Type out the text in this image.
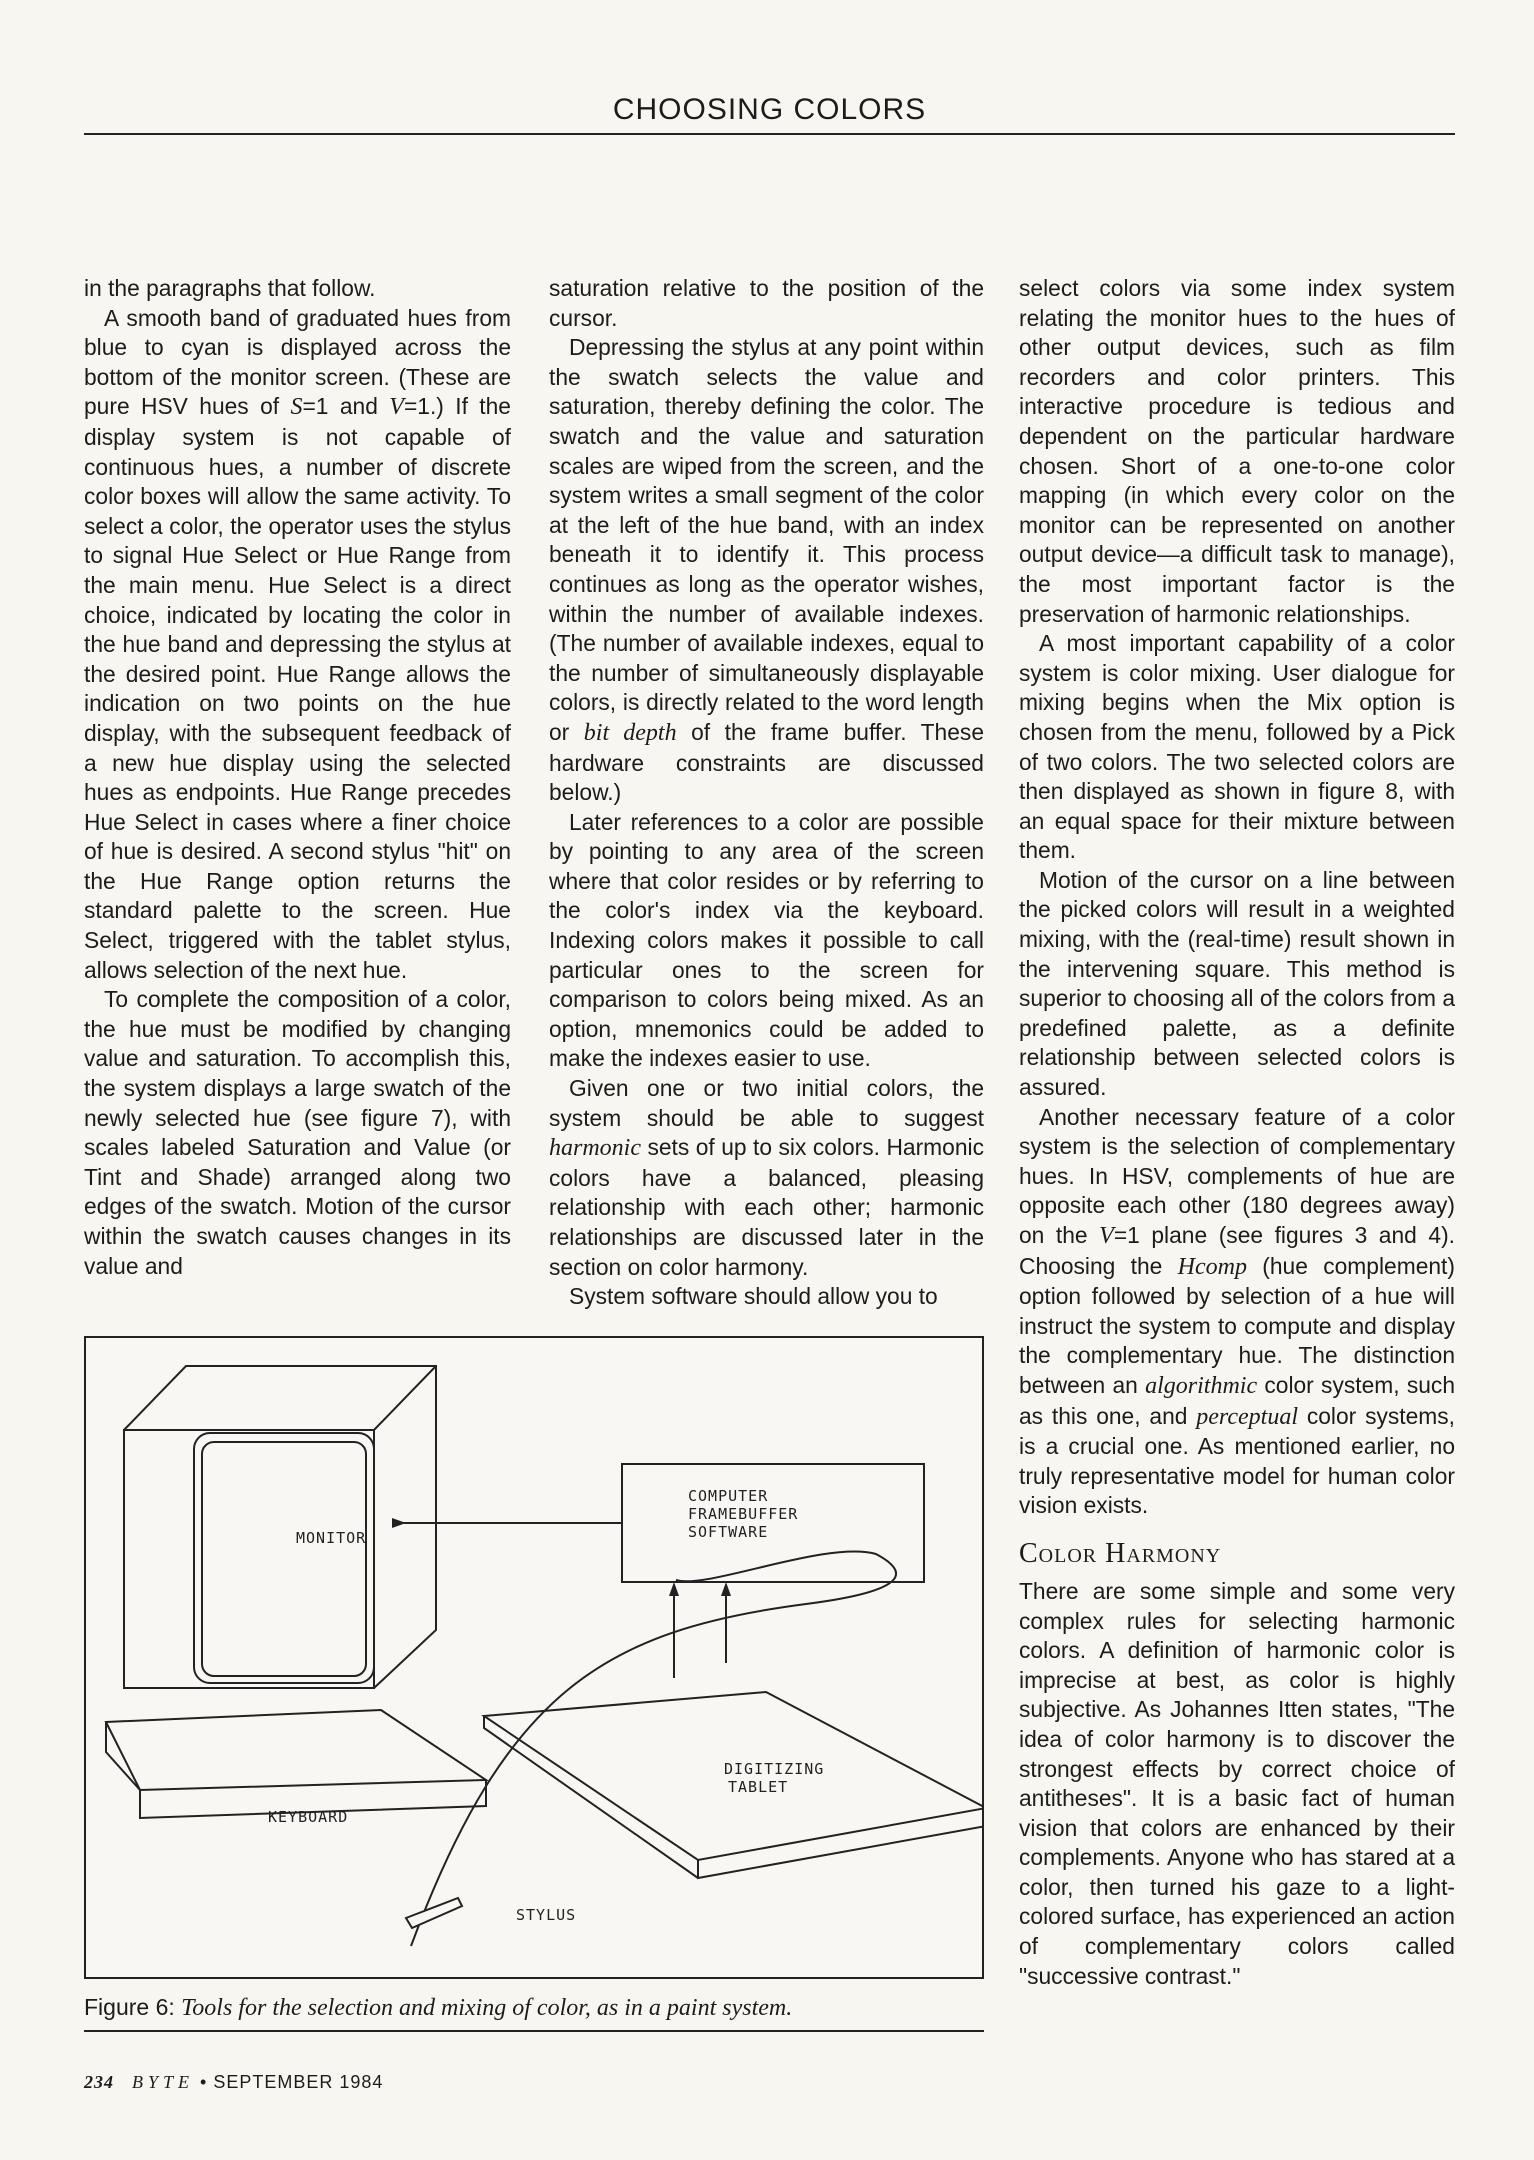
CHOOSING COLORS

in the paragraphs that follow.

A smooth band of graduated hues from blue to cyan is displayed across the bottom of the monitor screen. (These are pure HSV hues of S=1 and V=1.) If the display system is not capable of continuous hues, a number of discrete color boxes will allow the same activity. To select a color, the operator uses the stylus to signal Hue Select or Hue Range from the main menu. Hue Select is a direct choice, indicated by locating the color in the hue band and depressing the stylus at the desired point. Hue Range allows the indication on two points on the hue display, with the subsequent feedback of a new hue display using the selected hues as endpoints. Hue Range precedes Hue Select in cases where a finer choice of hue is desired. A second stylus "hit" on the Hue Range option returns the standard palette to the screen. Hue Select, triggered with the tablet stylus, allows selection of the next hue.

To complete the composition of a color, the hue must be modified by changing value and saturation. To accomplish this, the system displays a large swatch of the newly selected hue (see figure 7), with scales labeled Saturation and Value (or Tint and Shade) arranged along two edges of the swatch. Motion of the cursor within the swatch causes changes in its value and

saturation relative to the position of the cursor.

Depressing the stylus at any point within the swatch selects the value and saturation, thereby defining the color. The swatch and the value and saturation scales are wiped from the screen, and the system writes a small segment of the color at the left of the hue band, with an index beneath it to identify it. This process continues as long as the operator wishes, within the number of available indexes. (The number of available indexes, equal to the number of simultaneously displayable colors, is directly related to the word length or bit depth of the frame buffer. These hardware constraints are discussed below.)

Later references to a color are possible by pointing to any area of the screen where that color resides or by referring to the color's index via the keyboard. Indexing colors makes it possible to call particular ones to the screen for comparison to colors being mixed. As an option, mnemonics could be added to make the indexes easier to use.

Given one or two initial colors, the system should be able to suggest harmonic sets of up to six colors. Harmonic colors have a balanced, pleasing relationship with each other; harmonic relationships are discussed later in the section on color harmony.

System software should allow you to

select colors via some index system relating the monitor hues to the hues of other output devices, such as film recorders and color printers. This interactive procedure is tedious and dependent on the particular hardware chosen. Short of a one-to-one color mapping (in which every color on the monitor can be represented on another output device—a difficult task to manage), the most important factor is the preservation of harmonic relationships.

A most important capability of a color system is color mixing. User dialogue for mixing begins when the Mix option is chosen from the menu, followed by a Pick of two colors. The two selected colors are then displayed as shown in figure 8, with an equal space for their mixture between them.

Motion of the cursor on a line between the picked colors will result in a weighted mixing, with the (real-time) result shown in the intervening square. This method is superior to choosing all of the colors from a predefined palette, as a definite relationship between selected colors is assured.

Another necessary feature of a color system is the selection of complementary hues. In HSV, complements of hue are opposite each other (180 degrees away) on the V=1 plane (see figures 3 and 4). Choosing the Hcomp (hue complement) option followed by selection of a hue will instruct the system to compute and display the complementary hue. The distinction between an algorithmic color system, such as this one, and perceptual color systems, is a crucial one. As mentioned earlier, no truly representative model for human color vision exists.

Color Harmony

There are some simple and some very complex rules for selecting harmonic colors. A definition of harmonic color is imprecise at best, as color is highly subjective. As Johannes Itten states, "The idea of color harmony is to discover the strongest effects by correct choice of antitheses". It is a basic fact of human vision that colors are enhanced by their complements. Anyone who has stared at a color, then turned his gaze to a light-colored surface, has experienced an action of complementary colors called "successive contrast."

MONITOR
COMPUTER
FRAMEBUFFER
SOFTWARE
DIGITIZING
TABLET
KEYBOARD
STYLUS
Figure 6: Tools for the selection and mixing of color, as in a paint system.
234 BYTE • SEPTEMBER 1984
